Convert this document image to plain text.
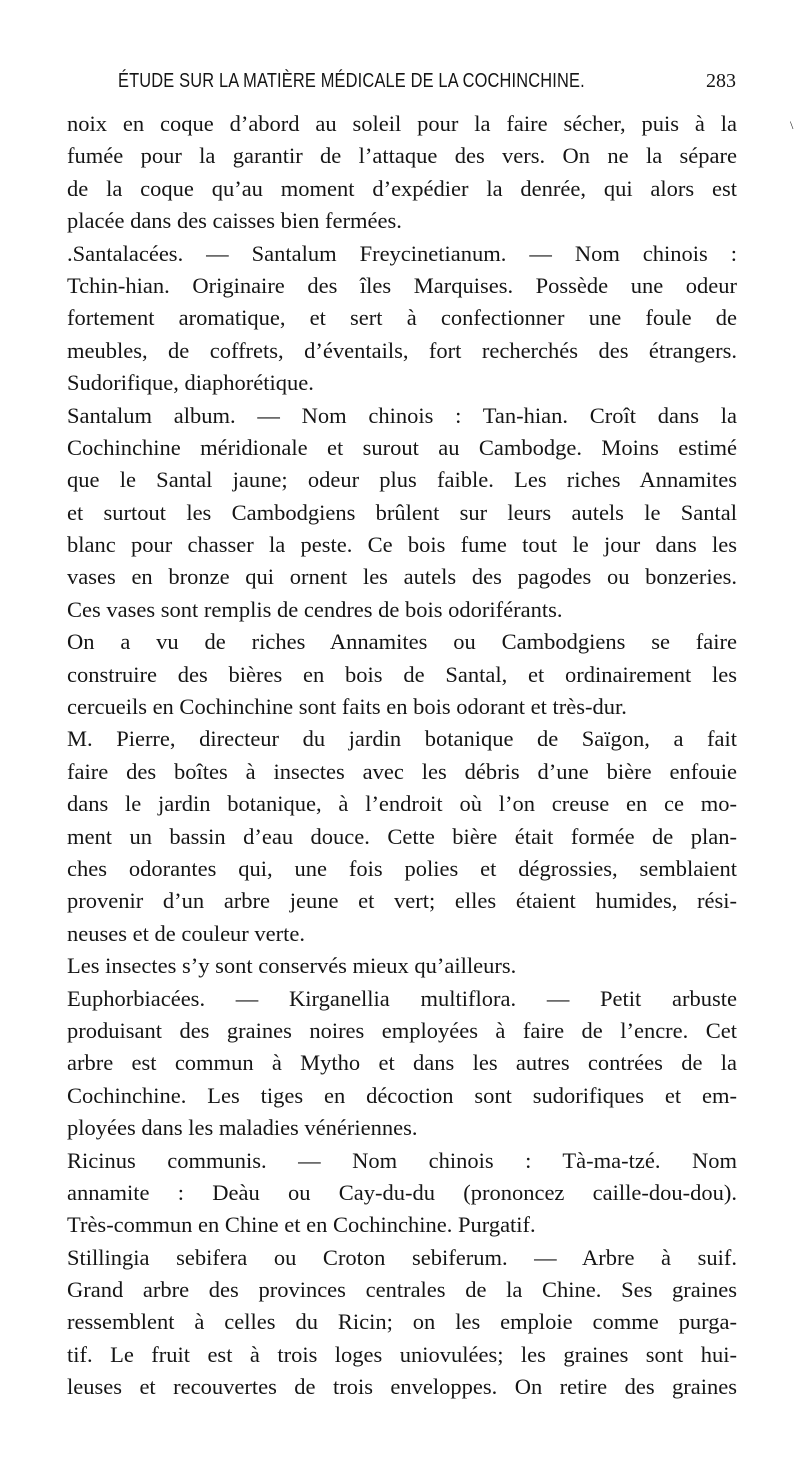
ÉTUDE SUR LA MATIÈRE MÉDICALE DE LA COCHINCHINE.	283
\
noix en coque d’abord au soleil pour la faire sécher, puis à la
fumée pour la garantir de l’attaque des vers. On ne la sépare
de la coque qu’au moment d’expédier la denrée, qui alors est
placée dans des caisses bien fermées.
.Santalacées. — Santalum Freycinetianum. — Nom chinois :
Tchin-hian. Originaire des îles Marquises. Possède une odeur
fortement aromatique, et sert à confectionner une foule de
meubles, de coffrets, d’éventails, fort recherchés des étrangers.
Sudorifique, diaphorétique.
Santalum album. — Nom chinois : Tan-hian. Croît dans la
Cochinchine méridionale et surout au Cambodge. Moins estimé
que le Santal jaune; odeur plus faible. Les riches Annamites
et surtout les Cambodgiens brûlent sur leurs autels le Santal
blanc pour chasser la peste. Ce bois fume tout le jour dans les
vases en bronze qui ornent les autels des pagodes ou bonzeries.
Ces vases sont remplis de cendres de bois odoriférants.
On a vu de riches Annamites ou Cambodgiens se faire
construire des bières en bois de Santal, et ordinairement les
cercueils en Cochinchine sont faits en bois odorant et très-dur.
M. Pierre, directeur du jardin botanique de Saïgon, a fait
faire des boîtes à insectes avec les débris d’une bière enfouie
dans le jardin botanique, à l’endroit où l’on creuse en ce mo-
ment un bassin d’eau douce. Cette bière était formée de plan-
ches odorantes qui, une fois polies et dégrossies, semblaient
provenir d’un arbre jeune et vert; elles étaient humides, rési-
neuses et de couleur verte.
Les insectes s’y sont conservés mieux qu’ailleurs.
Euphorbiacées. — Kirganellia multiflora. — Petit arbuste
produisant des graines noires employées à faire de l’encre. Cet
arbre est commun à Mytho et dans les autres contrées de la
Cochinchine. Les tiges en décoction sont sudorifiques et em-
ployées dans les maladies vénériennes.
Ricinus communis. — Nom chinois : Tà-ma-tzé. Nom
annamite : Deàu ou Cay-du-du (prononcez caille-dou-dou).
Très-commun en Chine et en Cochinchine. Purgatif.
Stillingia sebifera ou Croton sebiferum. — Arbre à suif.
Grand arbre des provinces centrales de la Chine. Ses graines
ressemblent à celles du Ricin; on les emploie comme purga-
tif. Le fruit est à trois loges uniovulées; les graines sont hui-
leuses et recouvertes de trois enveloppes. On retire des graines
